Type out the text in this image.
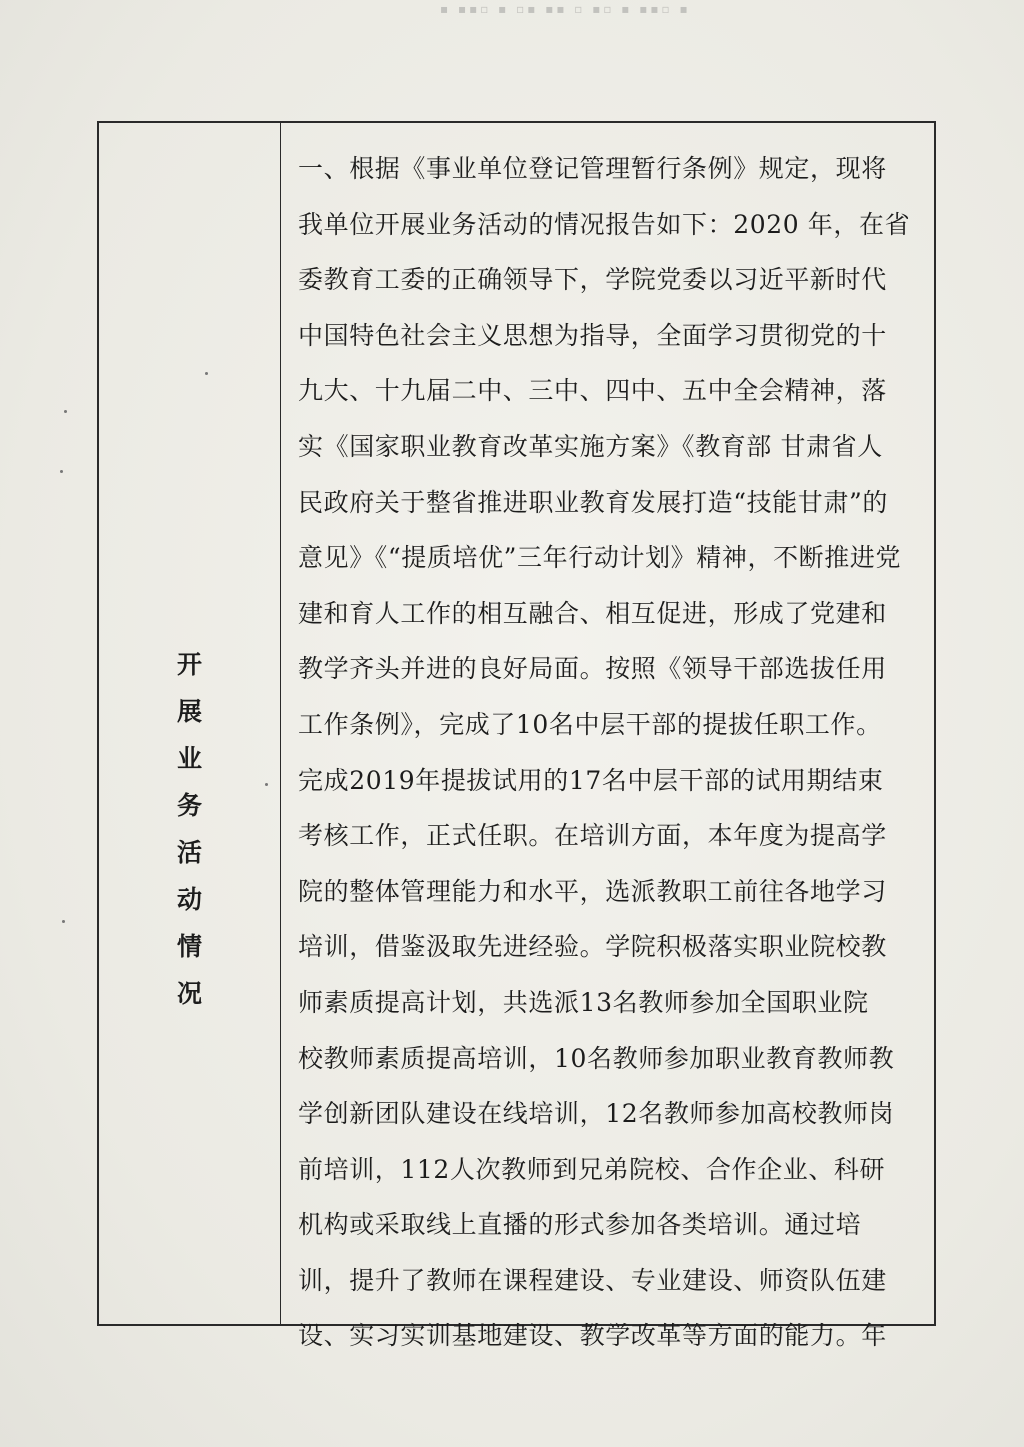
▪ ▪▪▫ ▪ ▫▪ ▪▪ ▫ ▪▫ ▪ ▪▪▫ ▪
开
展
业
务
活
动
情
况
一、根据《事业单位登记管理暂行条例》规定，现将
我单位开展业务活动的情况报告如下：2020 年，在省
委教育工委的正确领导下，学院党委以习近平新时代
中国特色社会主义思想为指导，全面学习贯彻党的十
九大、十九届二中、三中、四中、五中全会精神，落
实《国家职业教育改革实施方案》《教育部 甘肃省人
民政府关于整省推进职业教育发展打造“技能甘肃”的
意见》《“提质培优”三年行动计划》精神，不断推进党
建和育人工作的相互融合、相互促进，形成了党建和
教学齐头并进的良好局面。按照《领导干部选拔任用
工作条例》，完成了10名中层干部的提拔任职工作。
完成2019年提拔试用的17名中层干部的试用期结束
考核工作，正式任职。在培训方面，本年度为提高学
院的整体管理能力和水平，选派教职工前往各地学习
培训，借鉴汲取先进经验。学院积极落实职业院校教
师素质提高计划，共选派13名教师参加全国职业院
校教师素质提高培训，10名教师参加职业教育教师教
学创新团队建设在线培训，12名教师参加高校教师岗
前培训，112人次教师到兄弟院校、合作企业、科研
机构或采取线上直播的形式参加各类培训。通过培
训，提升了教师在课程建设、专业建设、师资队伍建
设、实习实训基地建设、教学改革等方面的能力。年
